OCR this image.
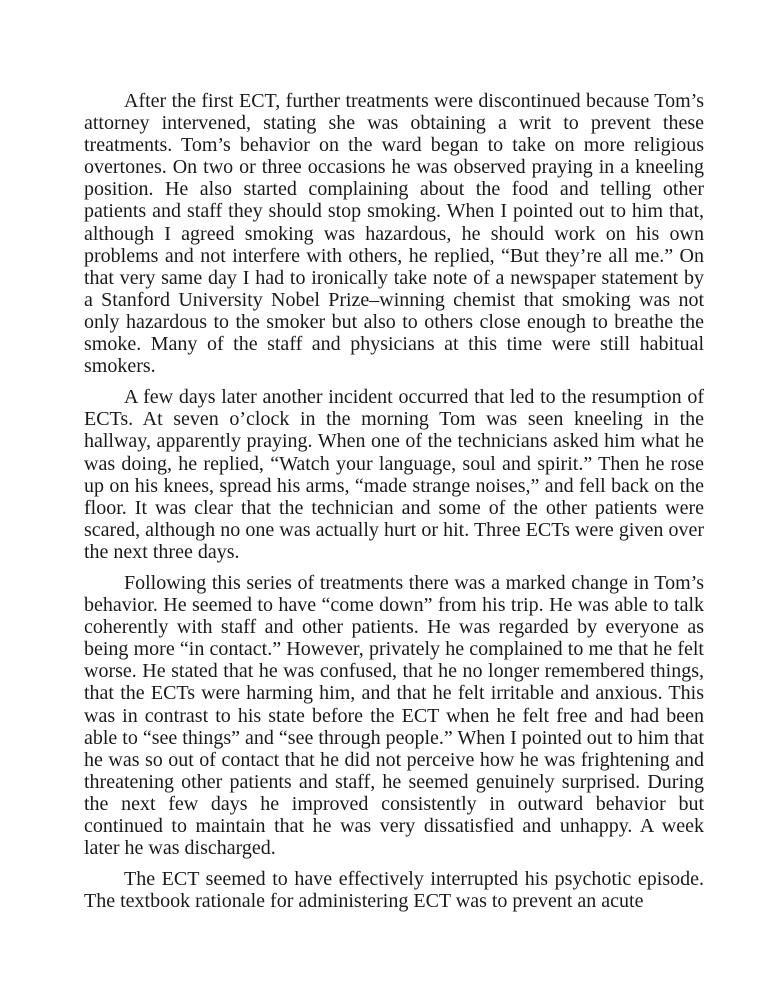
After the first ECT, further treatments were discontinued because Tom’s attorney intervened, stating she was obtaining a writ to prevent these treatments. Tom’s behavior on the ward began to take on more religious overtones. On two or three occasions he was observed praying in a kneeling position. He also started complaining about the food and telling other patients and staff they should stop smoking. When I pointed out to him that, although I agreed smoking was hazardous, he should work on his own problems and not interfere with others, he replied, “But they’re all me.” On that very same day I had to ironically take note of a newspaper statement by a Stanford University Nobel Prize–winning chemist that smoking was not only hazardous to the smoker but also to others close enough to breathe the smoke. Many of the staff and physicians at this time were still habitual smokers.

A few days later another incident occurred that led to the resumption of ECTs. At seven o’clock in the morning Tom was seen kneeling in the hallway, apparently praying. When one of the technicians asked him what he was doing, he replied, “Watch your language, soul and spirit.” Then he rose up on his knees, spread his arms, “made strange noises,” and fell back on the floor. It was clear that the technician and some of the other patients were scared, although no one was actually hurt or hit. Three ECTs were given over the next three days.

Following this series of treatments there was a marked change in Tom’s behavior. He seemed to have “come down” from his trip. He was able to talk coherently with staff and other patients. He was regarded by everyone as being more “in contact.” However, privately he complained to me that he felt worse. He stated that he was confused, that he no longer remembered things, that the ECTs were harming him, and that he felt irritable and anxious. This was in contrast to his state before the ECT when he felt free and had been able to “see things” and “see through people.” When I pointed out to him that he was so out of contact that he did not perceive how he was frightening and threatening other patients and staff, he seemed genuinely surprised. During the next few days he improved consistently in outward behavior but continued to maintain that he was very dissatisfied and unhappy. A week later he was discharged.

The ECT seemed to have effectively interrupted his psychotic episode. The textbook rationale for administering ECT was to prevent an acute
